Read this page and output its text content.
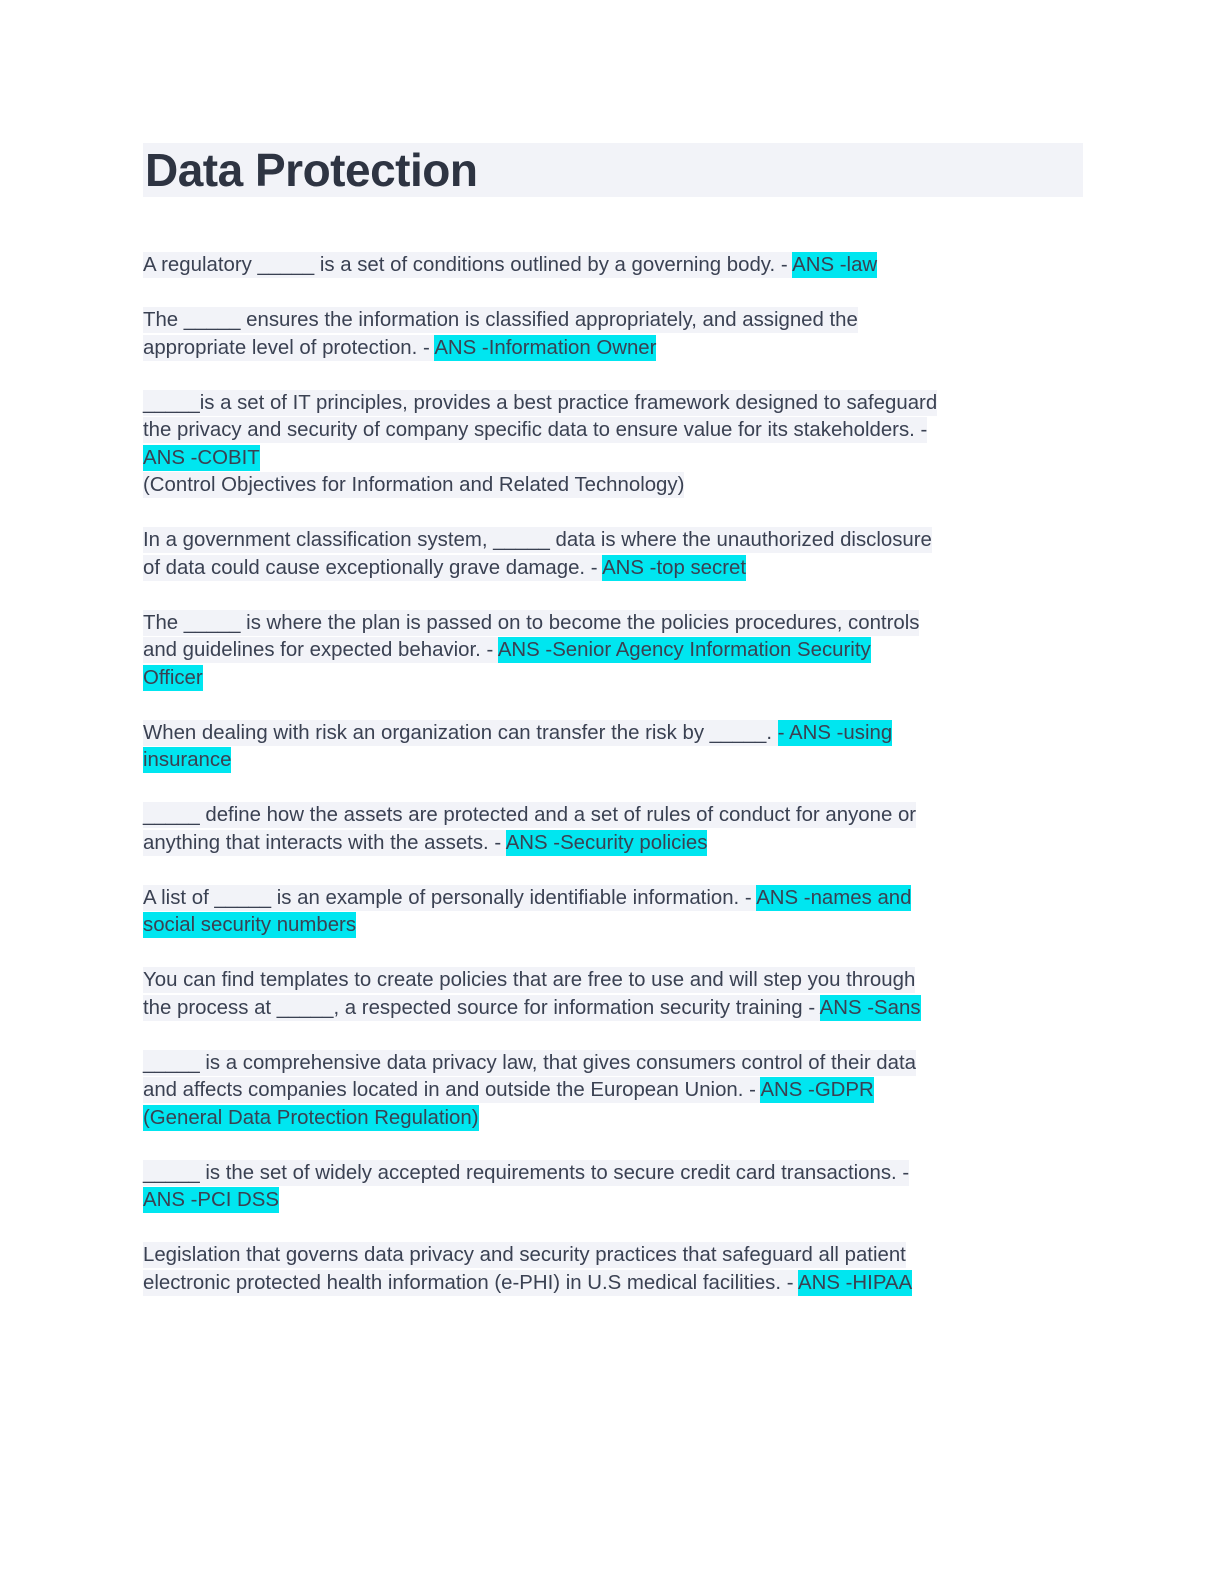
Data Protection
A regulatory _____ is a set of conditions outlined by a governing body. - ANS -law
The _____ ensures the information is classified appropriately, and assigned the
appropriate level of protection. - ANS -Information Owner
_____is a set of IT principles, provides a best practice framework designed to safeguard
the privacy and security of company specific data to ensure value for its stakeholders. -
ANS -COBIT
(Control Objectives for Information and Related Technology)
In a government classification system, _____ data is where the unauthorized disclosure
of data could cause exceptionally grave damage. - ANS -top secret
The _____ is where the plan is passed on to become the policies procedures, controls
and guidelines for expected behavior. - ANS -Senior Agency Information Security
Officer
When dealing with risk an organization can transfer the risk by _____. - ANS -using
insurance
_____ define how the assets are protected and a set of rules of conduct for anyone or
anything that interacts with the assets. - ANS -Security policies
A list of _____ is an example of personally identifiable information. - ANS -names and
social security numbers
You can find templates to create policies that are free to use and will step you through
the process at _____, a respected source for information security training - ANS -Sans
_____ is a comprehensive data privacy law, that gives consumers control of their data
and affects companies located in and outside the European Union. - ANS -GDPR
(General Data Protection Regulation)
_____ is the set of widely accepted requirements to secure credit card transactions. -
ANS -PCI DSS
Legislation that governs data privacy and security practices that safeguard all patient
electronic protected health information (e-PHI) in U.S medical facilities. - ANS -HIPAA
